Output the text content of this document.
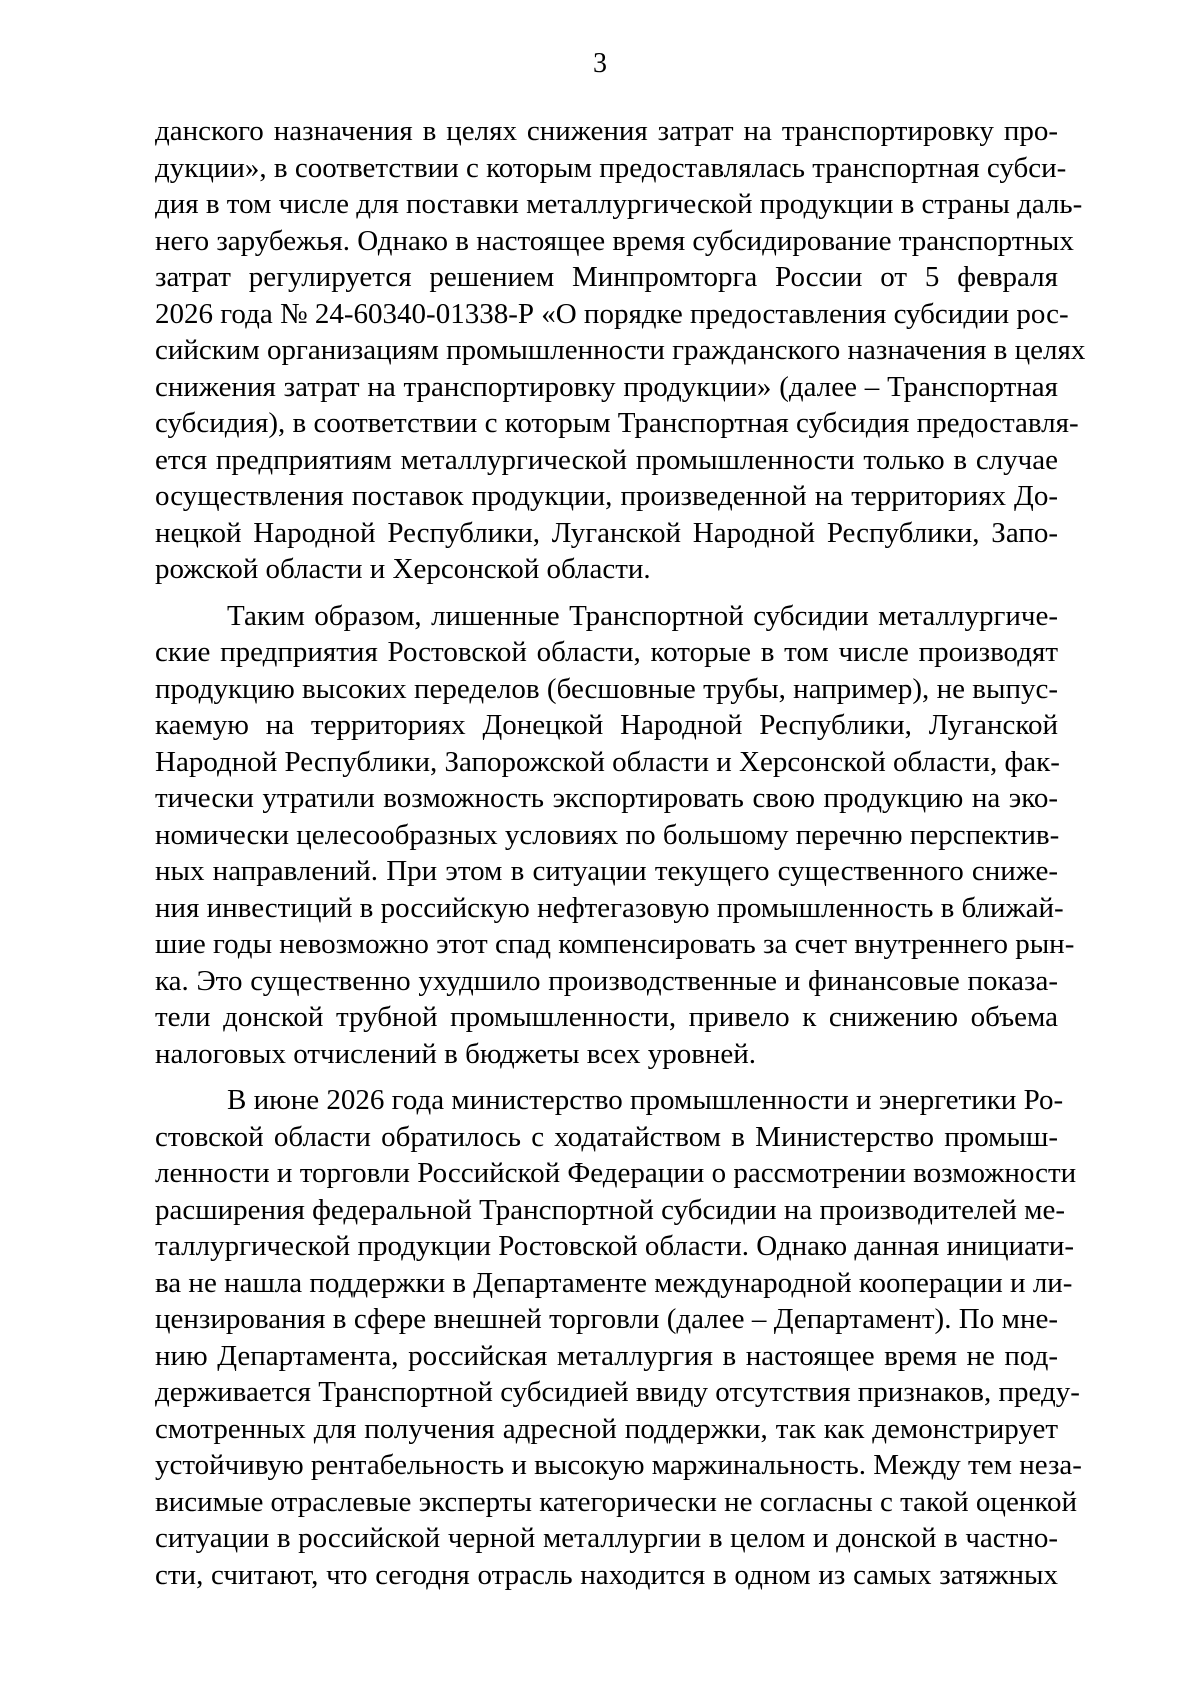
3
данского назначения в целях снижения затрат на транспортировку про-
дукции», в соответствии с которым предоставлялась транспортная субси-
дия в том числе для поставки металлургической продукции в страны даль-
него зарубежья. Однако в настоящее время субсидирование транспортных
затрат регулируется решением Минпромторга России от 5 февраля
2026 года № 24-60340-01338-Р «О порядке предоставления субсидии рос-
сийским организациям промышленности гражданского назначения в целях
снижения затрат на транспортировку продукции» (далее – Транспортная
субсидия), в соответствии с которым Транспортная субсидия предоставля-
ется предприятиям металлургической промышленности только в случае
осуществления поставок продукции, произведенной на территориях До-
нецкой Народной Республики, Луганской Народной Республики, Запо-
рожской области и Херсонской области.
Таким образом, лишенные Транспортной субсидии металлургиче-
ские предприятия Ростовской области, которые в том числе производят
продукцию высоких переделов (бесшовные трубы, например), не выпус-
каемую на территориях Донецкой Народной Республики, Луганской
Народной Республики, Запорожской области и Херсонской области, фак-
тически утратили возможность экспортировать свою продукцию на эко-
номически целесообразных условиях по большому перечню перспектив-
ных направлений. При этом в ситуации текущего существенного сниже-
ния инвестиций в российскую нефтегазовую промышленность в ближай-
шие годы невозможно этот спад компенсировать за счет внутреннего рын-
ка. Это существенно ухудшило производственные и финансовые показа-
тели донской трубной промышленности, привело к снижению объема
налоговых отчислений в бюджеты всех уровней.
В июне 2026 года министерство промышленности и энергетики Ро-
стовской области обратилось с ходатайством в Министерство промыш-
ленности и торговли Российской Федерации о рассмотрении возможности
расширения федеральной Транспортной субсидии на производителей ме-
таллургической продукции Ростовской области. Однако данная инициати-
ва не нашла поддержки в Департаменте международной кооперации и ли-
цензирования в сфере внешней торговли (далее – Департамент). По мне-
нию Департамента, российская металлургия в настоящее время не под-
держивается Транспортной субсидией ввиду отсутствия признаков, преду-
смотренных для получения адресной поддержки, так как демонстрирует
устойчивую рентабельность и высокую маржинальность. Между тем неза-
висимые отраслевые эксперты категорически не согласны с такой оценкой
ситуации в российской черной металлургии в целом и донской в частно-
сти, считают, что сегодня отрасль находится в одном из самых затяжных
